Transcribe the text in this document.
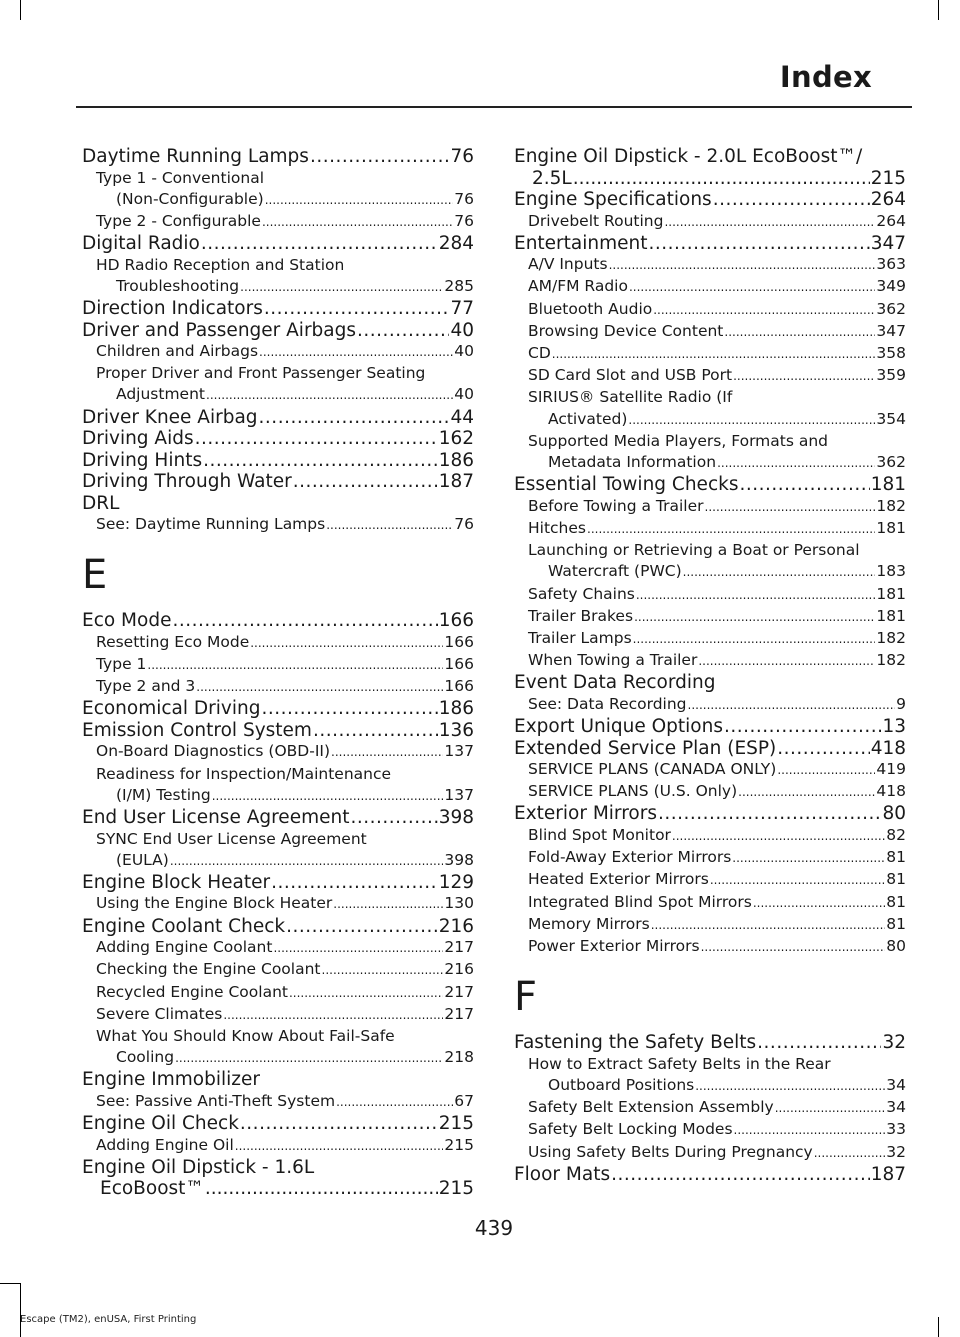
Index
Daytime Running Lamps .....	76
Type 1 - Conventional
(Non-Configurable) .....	76
Type 2 - Configurable .....	76
Digital Radio .....	284
HD Radio Reception and Station
Troubleshooting .....	285
Direction Indicators .....	77
Driver and Passenger Airbags .....	40
Children and Airbags .....	40
Proper Driver and Front Passenger Seating
Adjustment .....	40
Driver Knee Airbag .....	44
Driving Aids .....	162
Driving Hints .....	186
Driving Through Water .....	187
DRL
See: Daytime Running Lamps .....	76
E
Eco Mode .....	166
Resetting Eco Mode .....	166
Type 1 .....	166
Type 2 and 3 .....	166
Economical Driving .....	186
Emission Control System .....	136
On-Board Diagnostics (OBD-II) .....	137
Readiness for Inspection/Maintenance
(I/M) Testing .....	137
End User License Agreement .....	398
SYNC End User License Agreement
(EULA) .....	398
Engine Block Heater .....	129
Using the Engine Block Heater .....	130
Engine Coolant Check .....	216
Adding Engine Coolant .....	217
Checking the Engine Coolant .....	216
Recycled Engine Coolant .....	217
Severe Climates .....	217
What You Should Know About Fail-Safe
Cooling .....	218
Engine Immobilizer
See: Passive Anti-Theft System .....	67
Engine Oil Check .....	215
Adding Engine Oil .....	215
Engine Oil Dipstick - 1.6L
EcoBoost™ .....	215
Engine Oil Dipstick - 2.0L EcoBoost™/
2.5L .....	215
Engine Specifications .....	264
Drivebelt Routing .....	264
Entertainment .....	347
A/V Inputs .....	363
AM/FM Radio .....	349
Bluetooth Audio .....	362
Browsing Device Content .....	347
CD .....	358
SD Card Slot and USB Port .....	359
SIRIUS® Satellite Radio (If
Activated) .....	354
Supported Media Players, Formats and
Metadata Information .....	362
Essential Towing Checks .....	181
Before Towing a Trailer .....	182
Hitches .....	181
Launching or Retrieving a Boat or Personal
Watercraft (PWC) .....	183
Safety Chains .....	181
Trailer Brakes .....	181
Trailer Lamps .....	182
When Towing a Trailer .....	182
Event Data Recording
See: Data Recording .....	9
Export Unique Options .....	13
Extended Service Plan (ESP) .....	418
SERVICE PLANS (CANADA ONLY) .....	419
SERVICE PLANS (U.S. Only) .....	418
Exterior Mirrors .....	80
Blind Spot Monitor .....	82
Fold-Away Exterior Mirrors .....	81
Heated Exterior Mirrors .....	81
Integrated Blind Spot Mirrors .....	81
Memory Mirrors .....	81
Power Exterior Mirrors .....	80
F
Fastening the Safety Belts .....	32
How to Extract Safety Belts in the Rear
Outboard Positions .....	34
Safety Belt Extension Assembly .....	34
Safety Belt Locking Modes .....	33
Using Safety Belts During Pregnancy .....	32
Floor Mats .....	187
439
Escape (TM2), enUSA, First Printing
